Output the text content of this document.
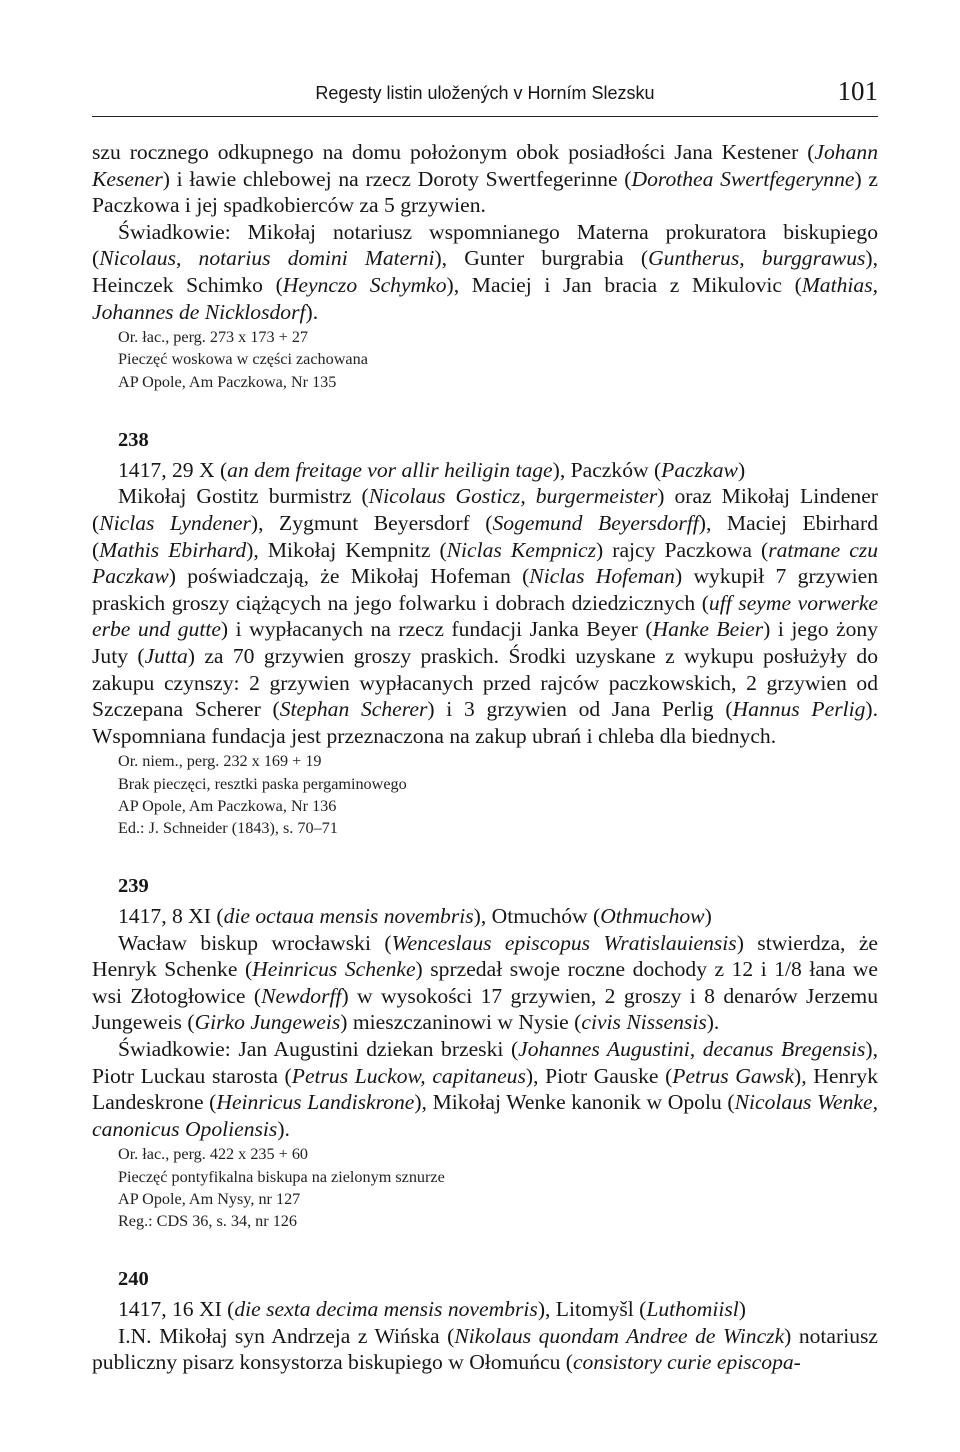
Regesty listin uložených v Horním Slezsku	101

szu rocznego odkupnego na domu położonym obok posiadłości Jana Kestener (Johann Kesener) i ławie chlebowej na rzecz Doroty Swertfegerinne (Dorothea Swertfegerynne) z Paczkowa i jej spadkobierców za 5 grzywien.

Świadkowie: Mikołaj notariusz wspomnianego Materna prokuratora biskupiego (Nicolaus, notarius domini Materni), Gunter burgrabia (Guntherus, burggrawus), Heinczek Schimko (Heynczo Schymko), Maciej i Jan bracia z Mikulovic (Mathias, Johannes de Nicklosdorf).

Or. łac., perg. 273 x 173 + 27
Pieczęć woskowa w części zachowana
AP Opole, Am Paczkowa, Nr 135
238

1417, 29 X (an dem freitage vor allir heiligin tage), Paczków (Paczkaw)

Mikołaj Gostitz burmistrz (Nicolaus Gosticz, burgermeister) oraz Mikołaj Lindener (Niclas Lyndener), Zygmunt Beyersdorf (Sogemund Beyersdorff), Maciej Ebirhard (Mathis Ebirhard), Mikołaj Kempnitz (Niclas Kempnicz) rajcy Paczkowa (ratmane czu Paczkaw) poświadczają, że Mikołaj Hofeman (Niclas Hofeman) wykupił 7 grzywien praskich groszy ciążących na jego folwarku i dobrach dziedzicznych (uff seyme vorwerke erbe und gutte) i wypłacanych na rzecz fundacji Janka Beyer (Hanke Beier) i jego żony Juty (Jutta) za 70 grzywien groszy praskich. Środki uzyskane z wykupu posłużyły do zakupu czynszy: 2 grzywien wypłacanych przed rajców paczkowskich, 2 grzywien od Szczepana Scherer (Stephan Scherer) i 3 grzywien od Jana Perlig (Hannus Perlig). Wspomniana fundacja jest przeznaczona na zakup ubrań i chleba dla biednych.

Or. niem., perg. 232 x 169 + 19
Brak pieczęci, resztki paska pergaminowego
AP Opole, Am Paczkowa, Nr 136
Ed.: J. Schneider (1843), s. 70–71
239

1417, 8 XI (die octaua mensis novembris), Otmuchów (Othmuchow)

Wacław biskup wrocławski (Wenceslaus episcopus Wratislauiensis) stwierdza, że Henryk Schenke (Heinricus Schenke) sprzedał swoje roczne dochody z 12 i 1/8 łana we wsi Złotogłowice (Newdorff) w wysokości 17 grzywien, 2 groszy i 8 denarów Jerzemu Jungeweis (Girko Jungeweis) mieszczaninowi w Nysie (civis Nissensis).

Świadkowie: Jan Augustini dziekan brzeski (Johannes Augustini, decanus Bregensis), Piotr Luckau starosta (Petrus Luckow, capitaneus), Piotr Gauske (Petrus Gawsk), Henryk Landeskrone (Heinricus Landiskrone), Mikołaj Wenke kanonik w Opolu (Nicolaus Wenke, canonicus Opoliensis).

Or. łac., perg. 422 x 235 + 60
Pieczęć pontyfikalna biskupa na zielonym sznurze
AP Opole, Am Nysy, nr 127
Reg.: CDS 36, s. 34, nr 126
240

1417, 16 XI (die sexta decima mensis novembris), Litomyšl (Luthomiisl)

I.N. Mikołaj syn Andrzeja z Wińska (Nikolaus quondam Andree de Winczk) notariusz publiczny pisarz konsystorza biskupiego w Ołomuńcu (consistory curie episcopa-
